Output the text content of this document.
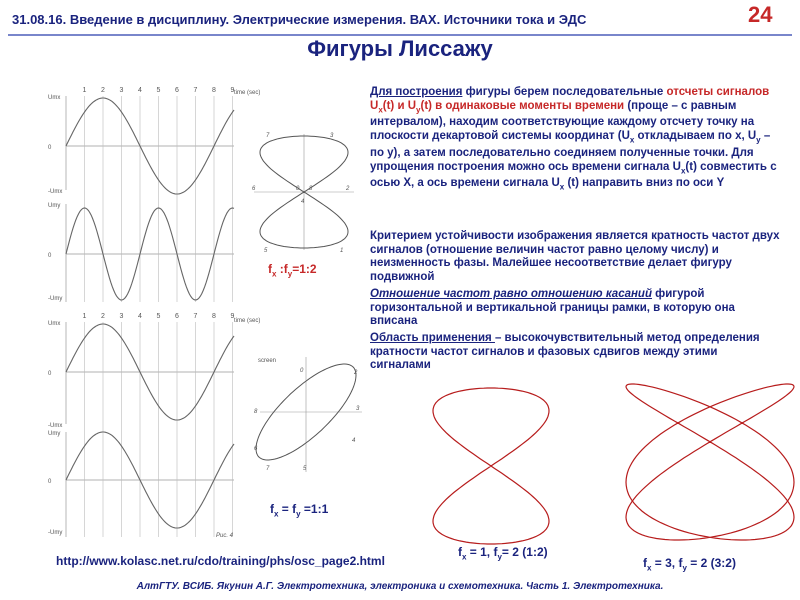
31.08.16. Введение в дисциплину. Электрические измерения. ВАХ. Источники тока и ЭДС	24
Фигуры Лиссажу
Umx
0
-Umx
Umy
0
-Umy
time (sec)
Umx
0
-Umx
Umy
0
-Umy
time (sec)
Рис. 4
1 2 3 4 5 6 7 8 9
1 2 3 4 5 6 7 8 9
7	3
6	0 8	2
4
5	1
screen
0	2
8	3
6
4
7	5
Для построения фигуры берем последовательные отсчеты сигналов $U_x(t)$ и $U_y(t)$ в одинаковые моменты времени (проще – с равным интервалом), находим соответствующие каждому отсчету точку на плоскости декартовой системы координат ($U_x$ откладываем по x, $U_y$ – по y), а затем последовательно соединяем полученные точки. Для упрощения построения можно ось времени сигнала $U_x(t)$ совместить с осью X, а ось времени сигнала $U_x$ (t) направить вниз по оси Y
Критерием устойчивости изображения является кратность частот двух сигналов (отношение величин частот равно целому числу) и неизменность фазы. Малейшее несоответствие делает фигуру подвижной
Отношение частот равно отношению касаний фигурой горизонтальной и вертикальной границы рамки, в которую она вписана
Область применения – высокочувствительный метод определения кратности частот сигналов и фазовых сдвигов между этими сигналами
$f_x$ $:f_y=1:2$
$f_x = f_y$ =1:1
$f_x = 1$, $f_y= 2$ (1:2)
$f_x = 3$, $f_y = 2$ (3:2)
http://www.kolasc.net.ru/cdo/training/phs/osc_page2.html
АлтГТУ. ВСИБ. Якунин А.Г. Электротехника, электроника и схемотехника. Часть 1. Электротехника.
